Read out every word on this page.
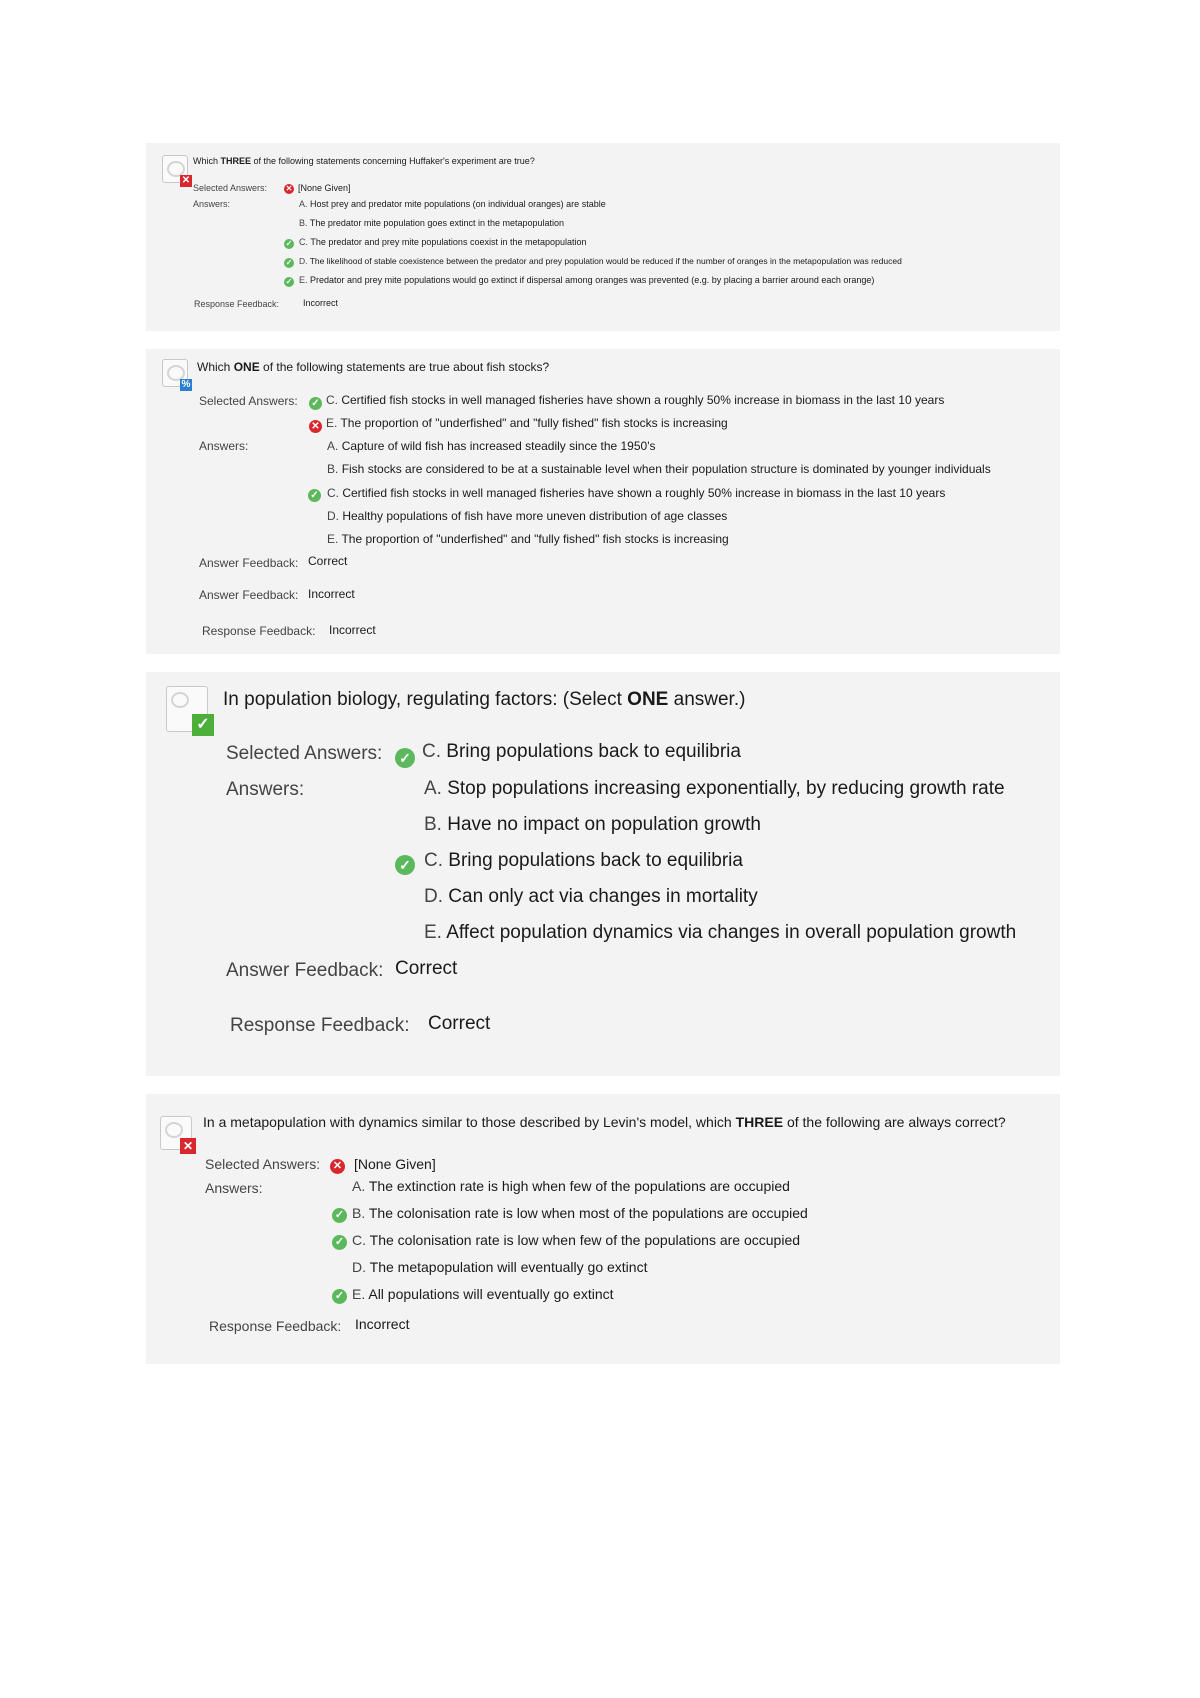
✕
Which THREE of the following statements concerning Huffaker's experiment are true?
Selected Answers: ✕ [None Given]
Answers:	A. Host prey and predator mite populations (on individual oranges) are stable
B. The predator mite population goes extinct in the metapopulation
✓ C. The predator and prey mite populations coexist in the metapopulation
✓ D. The likelihood of stable coexistence between the predator and prey population would be reduced if the number of oranges in the metapopulation was reduced
✓ E. Predator and prey mite populations would go extinct if dispersal among oranges was prevented (e.g. by placing a barrier around each orange)
Response Feedback:	Incorrect
%
Which ONE of the following statements are true about fish stocks?
Selected Answers: ✓ C. Certified fish stocks in well managed fisheries have shown a roughly 50% increase in biomass in the last 10 years
✕ E. The proportion of "underfished" and "fully fished" fish stocks is increasing
Answers:	A. Capture of wild fish has increased steadily since the 1950's
B. Fish stocks are considered to be at a sustainable level when their population structure is dominated by younger individuals
✓ C. Certified fish stocks in well managed fisheries have shown a roughly 50% increase in biomass in the last 10 years
D. Healthy populations of fish have more uneven distribution of age classes
E. The proportion of "underfished" and "fully fished" fish stocks is increasing
Answer Feedback: Correct
Answer Feedback: Incorrect
Response Feedback: Incorrect
✓
In population biology, regulating factors: (Select ONE answer.)
Selected Answers: ✓ C. Bring populations back to equilibria
Answers:	A. Stop populations increasing exponentially, by reducing growth rate
B. Have no impact on population growth
✓ C. Bring populations back to equilibria
D. Can only act via changes in mortality
E. Affect population dynamics via changes in overall population growth
Answer Feedback: Correct
Response Feedback: Correct
✕
In a metapopulation with dynamics similar to those described by Levin's model, which THREE of the following are always correct?
Selected Answers: ✕ [None Given]
Answers:	A. The extinction rate is high when few of the populations are occupied
✓ B. The colonisation rate is low when most of the populations are occupied
✓ C. The colonisation rate is low when few of the populations are occupied
D. The metapopulation will eventually go extinct
✓ E. All populations will eventually go extinct
Response Feedback: Incorrect
